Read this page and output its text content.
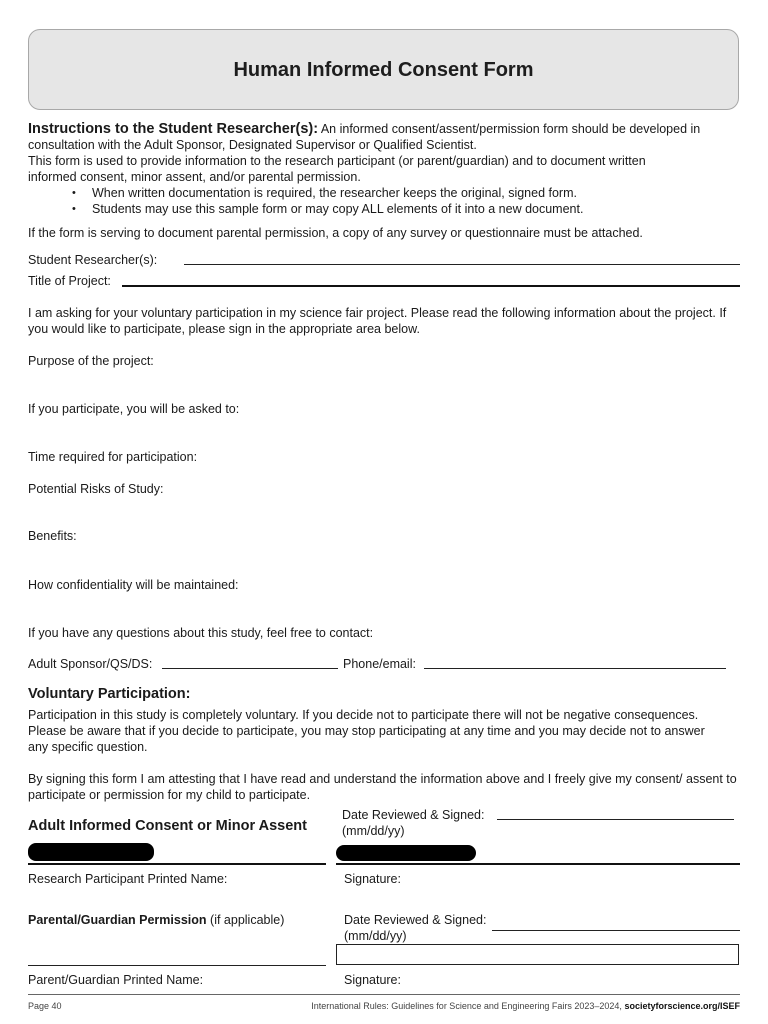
Human Informed Consent Form
Instructions to the Student Researcher(s): An informed consent/assent/permission form should be developed in consultation with the Adult Sponsor, Designated Supervisor or Qualified Scientist.
This form is used to provide information to the research participant (or parent/guardian) and to document written
informed consent, minor assent, and/or parental permission.
• When written documentation is required, the researcher keeps the original, signed form.
• Students may use this sample form or may copy ALL elements of it into a new document.
If the form is serving to document parental permission, a copy of any survey or questionnaire must be attached.
Student Researcher(s):
Title of Project:
I am asking for your voluntary participation in my science fair project. Please read the following information about the project. If you would like to participate, please sign in the appropriate area below.
Purpose of the project:
If you participate, you will be asked to:
Time required for participation:
Potential Risks of Study:
Benefits:
How confidentiality will be maintained:
If you have any questions about this study, feel free to contact:
Adult Sponsor/QS/DS:	Phone/email:
Voluntary Participation:
Participation in this study is completely voluntary. If you decide not to participate there will not be negative consequences. Please be aware that if you decide to participate, you may stop participating at any time and you may decide not to answer any specific question.
By signing this form I am attesting that I have read and understand the information above and I freely give my consent/ assent to participate or permission for my child to participate.
Adult Informed Consent or Minor Assent
Date Reviewed & Signed:
(mm/dd/yy)
Research Participant Printed Name:	Signature:
Parental/Guardian Permission (if applicable)	Date Reviewed & Signed:
(mm/dd/yy)
Parent/Guardian Printed Name:	Signature:
Page 40	International Rules: Guidelines for Science and Engineering Fairs 2023–2024, societyforscience.org/ISEF
